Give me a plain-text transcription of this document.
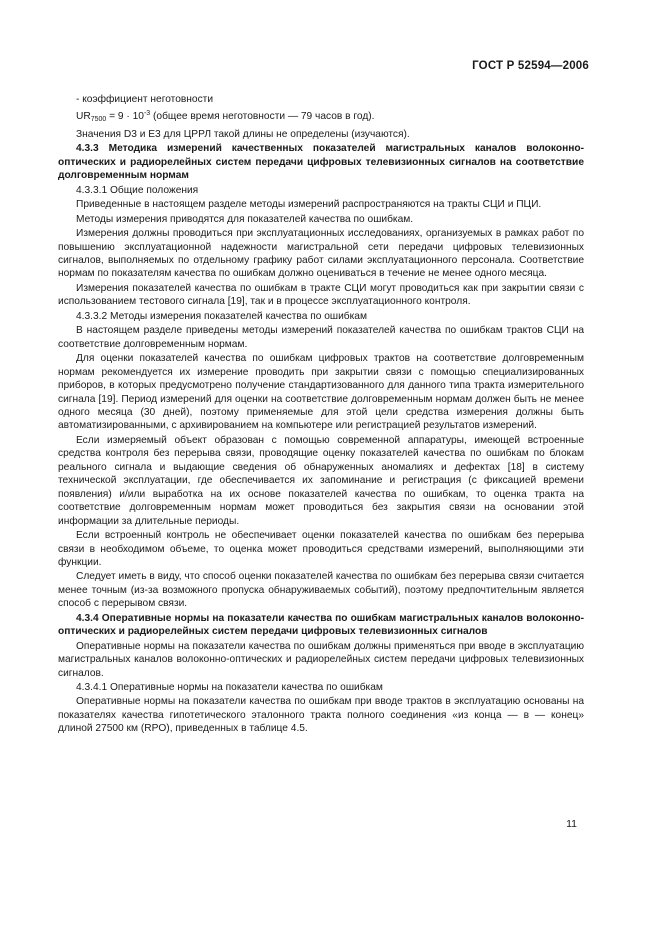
ГОСТ Р 52594—2006

- коэффициент неготовности

$UR_{7500} = 9 \cdot 10^{-3}$ (общее время неготовности — 79 часов в год).

Значения D3 и E3 для ЦРРЛ такой длины не определены (изучаются).

4.3.3 Методика измерений качественных показателей магистральных каналов волоконно-оптических и радиорелейных систем передачи цифровых телевизионных сигналов на соответствие долговременным нормам

4.3.3.1 Общие положения

Приведенные в настоящем разделе методы измерений распространяются на тракты СЦИ и ПЦИ.

Методы измерения приводятся для показателей качества по ошибкам.

Измерения должны проводиться при эксплуатационных исследованиях, организуемых в рамках работ по повышению эксплуатационной надежности магистральной сети передачи цифровых телевизионных сигналов, выполняемых по отдельному графику работ силами эксплуатационного персонала. Соответствие нормам по показателям качества по ошибкам должно оцениваться в течение не менее одного месяца.

Измерения показателей качества по ошибкам в тракте СЦИ могут проводиться как при закрытии связи с использованием тестового сигнала [19], так и в процессе эксплуатационного контроля.

4.3.3.2 Методы измерения показателей качества по ошибкам

В настоящем разделе приведены методы измерений показателей качества по ошибкам трактов СЦИ на соответствие долговременным нормам.

Для оценки показателей качества по ошибкам цифровых трактов на соответствие долговременным нормам рекомендуется их измерение проводить при закрытии связи с помощью специализированных приборов, в которых предусмотрено получение стандартизованного для данного типа тракта измерительного сигнала [19]. Период измерений для оценки на соответствие долговременным нормам должен быть не менее одного месяца (30 дней), поэтому применяемые для этой цели средства измерения должны быть автоматизированными, с архивированием на компьютере или регистрацией результатов измерений.

Если измеряемый объект образован с помощью современной аппаратуры, имеющей встроенные средства контроля без перерыва связи, проводящие оценку показателей качества по ошибкам по блокам реального сигнала и выдающие сведения об обнаруженных аномалиях и дефектах [18] в систему технической эксплуатации, где обеспечивается их запоминание и регистрация (с фиксацией времени появления) и/или выработка на их основе показателей качества по ошибкам, то оценка тракта на соответствие долговременным нормам может проводиться без закрытия связи на основании этой информации за длительные периоды.

Если встроенный контроль не обеспечивает оценки показателей качества по ошибкам без перерыва связи в необходимом объеме, то оценка может проводиться средствами измерений, выполняющими эти функции.

Следует иметь в виду, что способ оценки показателей качества по ошибкам без перерыва связи считается менее точным (из-за возможного пропуска обнаруживаемых событий), поэтому предпочтительным является способ с перерывом связи.

4.3.4 Оперативные нормы на показатели качества по ошибкам магистральных каналов волоконно-оптических и радиорелейных систем передачи цифровых телевизионных сигналов

Оперативные нормы на показатели качества по ошибкам должны применяться при вводе в эксплуатацию магистральных каналов волоконно-оптических и радиорелейных систем передачи цифровых телевизионных сигналов.

4.3.4.1 Оперативные нормы на показатели качества по ошибкам

Оперативные нормы на показатели качества по ошибкам при вводе трактов в эксплуатацию основаны на показателях качества гипотетического эталонного тракта полного соединения «из конца — в — конец» длиной 27500 км (RPO), приведенных в таблице 4.5.

11
